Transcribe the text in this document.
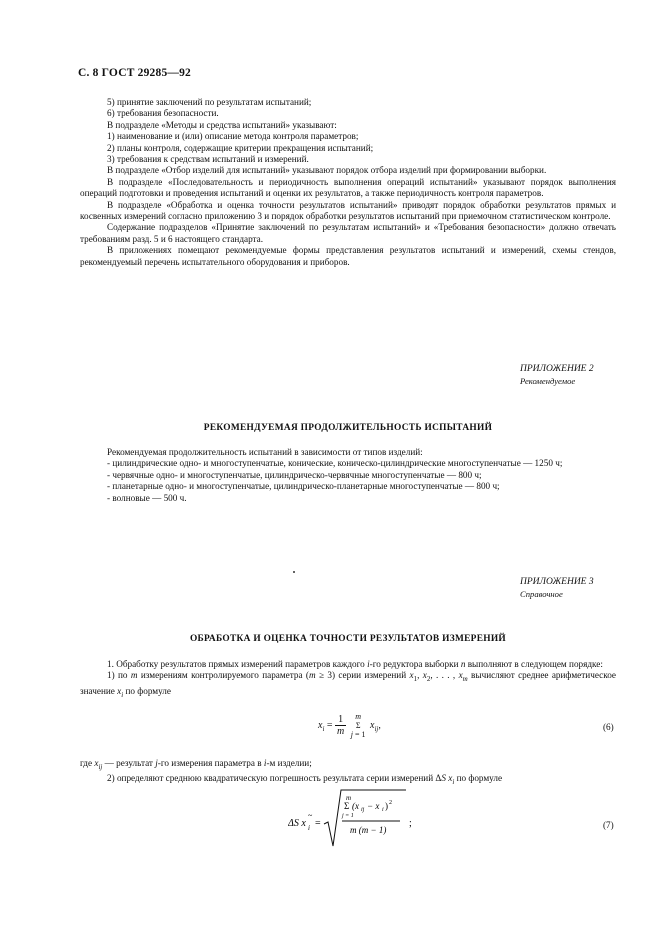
С. 8 ГОСТ 29285—92

5) принятие заключений по результатам испытаний;

6) требования безопасности.

В подразделе «Методы и средства испытаний» указывают:

1) наименование и (или) описание метода контроля параметров;

2) планы контроля, содержащие критерии прекращения испытаний;

3) требования к средствам испытаний и измерений.

В подразделе «Отбор изделий для испытаний» указывают порядок отбора изделий при формировании выборки.

В подразделе «Последовательность и периодичность выполнения операций испытаний» указывают порядок выполнения операций подготовки и проведения испытаний и оценки их результатов, а также периодичность контроля параметров.

В подразделе «Обработка и оценка точности результатов испытаний» приводят порядок обработки результатов прямых и косвенных измерений согласно приложению 3 и порядок обработки результатов испытаний при приемочном статистическом контроле.

Содержание подразделов «Принятие заключений по результатам испытаний» и «Требования безопасности» должно отвечать требованиям разд. 5 и 6 настоящего стандарта.

В приложениях помещают рекомендуемые формы представления результатов испытаний и измерений, схемы стендов, рекомендуемый перечень испытательного оборудования и приборов.

ПРИЛОЖЕНИЕ 2
Рекомендуемое
РЕКОМЕНДУЕМАЯ ПРОДОЛЖИТЕЛЬНОСТЬ ИСПЫТАНИЙ

Рекомендуемая продолжительность испытаний в зависимости от типов изделий:

- цилиндрические одно- и многоступенчатые, конические, коническо-цилиндрические многоступенчатые — 1250 ч;

- червячные одно- и многоступенчатые, цилиндрическо-червячные многоступенчатые — 800 ч;

- планетарные одно- и многоступенчатые, цилиндрическо-планетарные многоступенчатые — 800 ч;

- волновые — 500 ч.

ПРИЛОЖЕНИЕ 3
Справочное
ОБРАБОТКА И ОЦЕНКА ТОЧНОСТИ РЕЗУЛЬТАТОВ ИЗМЕРЕНИЙ

1. Обработку результатов прямых измерений параметров каждого i-го редуктора выборки n выполняют в следующем порядке:

1) по m измерениям контролируемого параметра (m ≥ 3) серии измерений $x_1$, $x_2$, . . . , $x_m$ вычисляют среднее арифметическое значение $x_i$ по формуле

$x_i = \frac{1}{m}$
	m
Σ
j = 1
$x_{ij}$,	(6)

где $x_{ij}$ — результат j-го измерения параметра в i-м изделии;

2) определяют среднюю квадратическую погрешность результата серии измерений ΔS $x_i$ по формуле

ΔS x i
~
=
m
Σ (x ij − x i ) 2
j = 1
m (m − 1)
;	(7)
